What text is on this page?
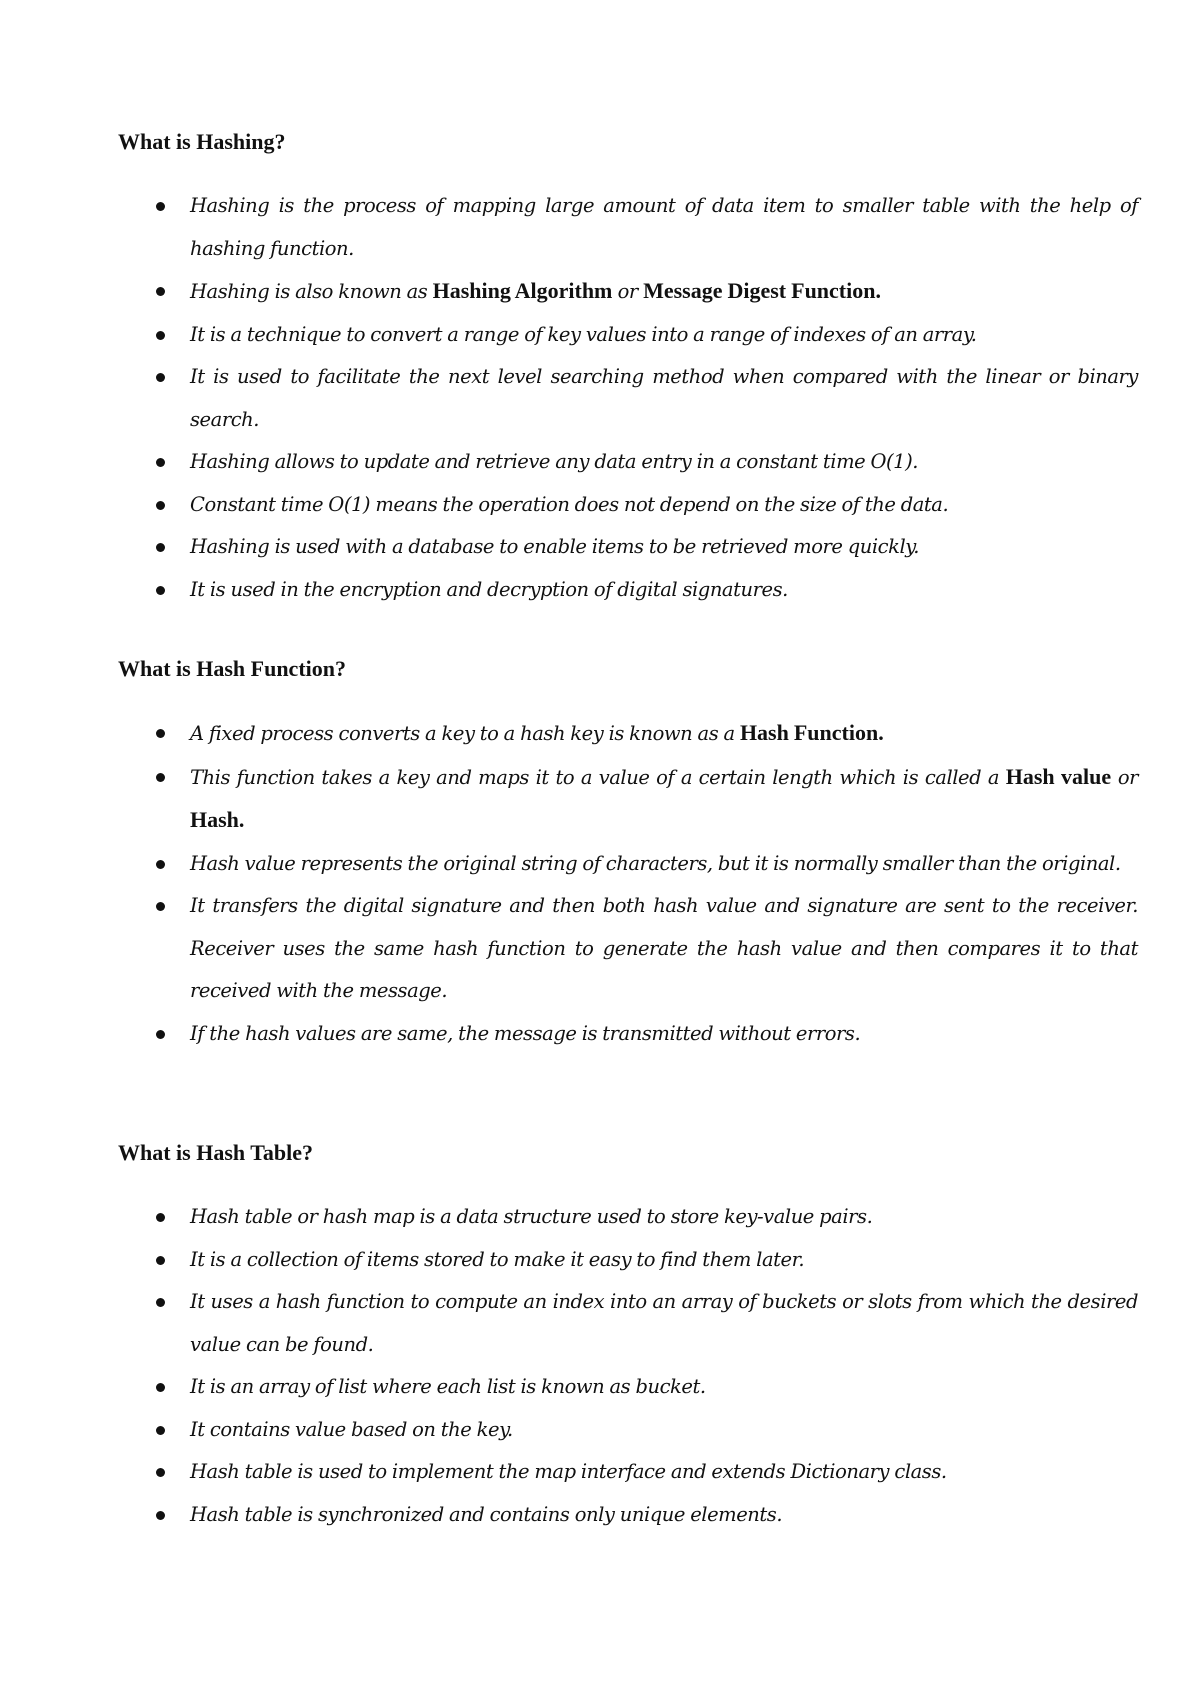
What is Hashing?
Hashing is the process of mapping large amount of data item to smaller table with the help of hashing function.
Hashing is also known as Hashing Algorithm or Message Digest Function.
It is a technique to convert a range of key values into a range of indexes of an array.
It is used to facilitate the next level searching method when compared with the linear or binary search.
Hashing allows to update and retrieve any data entry in a constant time O(1).
Constant time O(1) means the operation does not depend on the size of the data.
Hashing is used with a database to enable items to be retrieved more quickly.
It is used in the encryption and decryption of digital signatures.
What is Hash Function?
A fixed process converts a key to a hash key is known as a Hash Function.
This function takes a key and maps it to a value of a certain length which is called a Hash value or Hash.
Hash value represents the original string of characters, but it is normally smaller than the original.
It transfers the digital signature and then both hash value and signature are sent to the receiver. Receiver uses the same hash function to generate the hash value and then compares it to that received with the message.
If the hash values are same, the message is transmitted without errors.
What is Hash Table?
Hash table or hash map is a data structure used to store key-value pairs.
It is a collection of items stored to make it easy to find them later.
It uses a hash function to compute an index into an array of buckets or slots from which the desired value can be found.
It is an array of list where each list is known as bucket.
It contains value based on the key.
Hash table is used to implement the map interface and extends Dictionary class.
Hash table is synchronized and contains only unique elements.
